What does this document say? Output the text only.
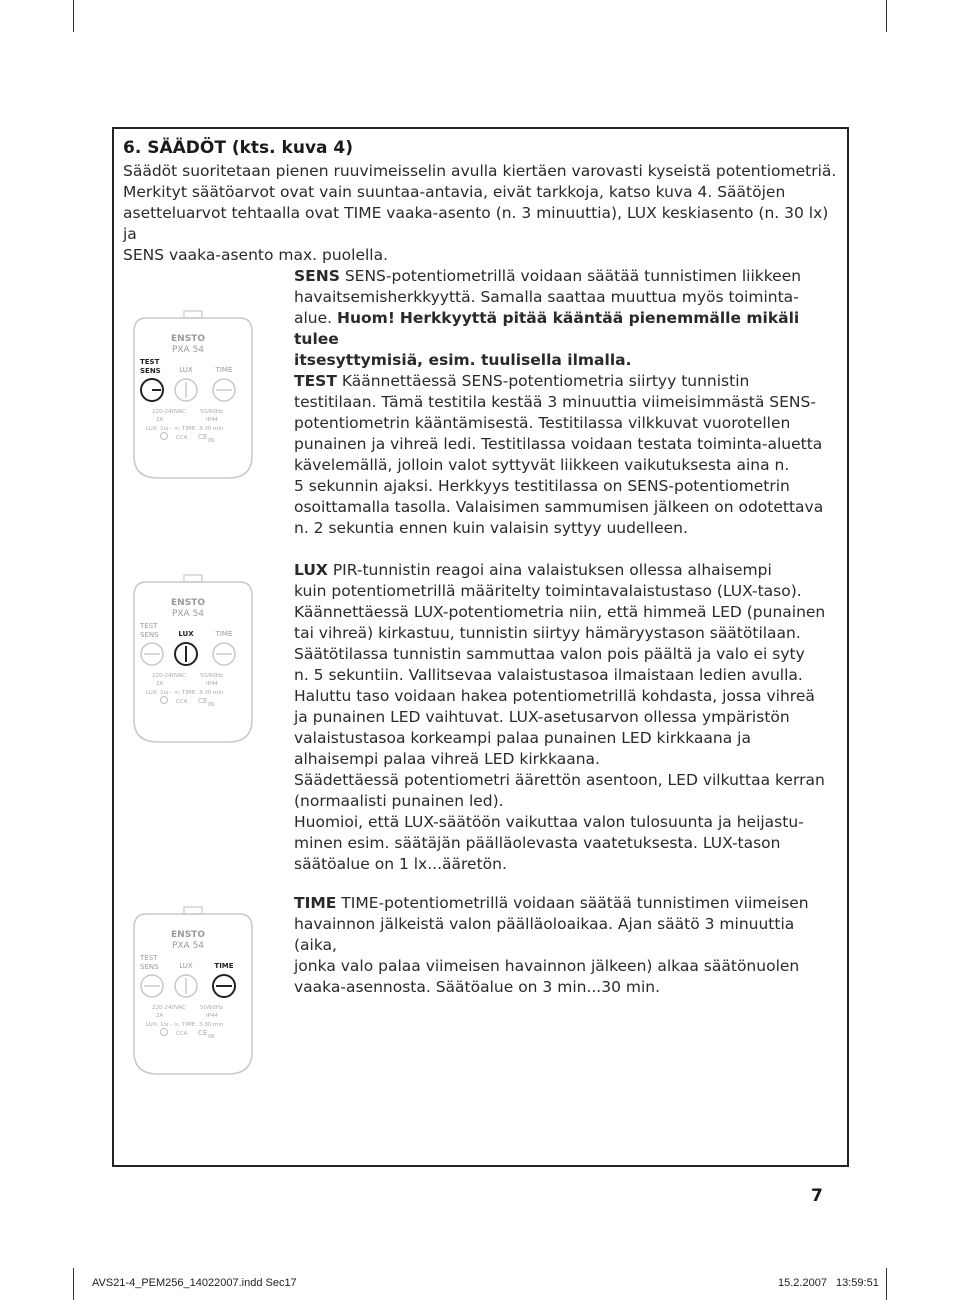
6. SÄÄDÖT (kts. kuva 4)

Säädöt suoritetaan pienen ruuvimeisselin avulla kiertäen varovasti kyseistä potentiometriä.
Merkityt säätöarvot ovat vain suuntaa-antavia, eivät tarkkoja, katso kuva 4. Säätöjen
asetteluarvot tehtaalla ovat TIME vaaka-asento (n. 3 minuuttia), LUX keskiasento (n. 30 lx) ja
SENS vaaka-asento max. puolella.

SENS SENS-potentiometrillä voidaan säätää tunnistimen liikkeen
havaitsemisherkkyyttä. Samalla saattaa muuttua myös toiminta-
alue. Huom! Herkkyyttä pitää kääntää pienemmälle mikäli tulee
itsesyttymisiä, esim. tuulisella ilmalla.

TEST Käännettäessä SENS-potentiometria siirtyy tunnistin
testitilaan. Tämä testitila kestää 3 minuuttia viimeisimmästä SENS-
potentiometrin kääntämisestä. Testitilassa vilkkuvat vuorotellen
punainen ja vihreä ledi. Testitilassa voidaan testata toiminta-aluetta
kävelemällä, jolloin valot syttyvät liikkeen vaikutuksesta aina n.
5 sekunnin ajaksi. Herkkyys testitilassa on SENS-potentiometrin
osoittamalla tasolla. Valaisimen sammumisen jälkeen on odotettava
n. 2 sekuntia ennen kuin valaisin syttyy uudelleen.

LUX PIR-tunnistin reagoi aina valaistuksen ollessa alhaisempi
kuin potentiometrillä määritelty toimintavalaistustaso (LUX-taso).
Käännettäessä LUX-potentiometria niin, että himmeä LED (punainen
tai vihreä) kirkastuu, tunnistin siirtyy hämäryystason säätötilaan.
Säätötilassa tunnistin sammuttaa valon pois päältä ja valo ei syty
n. 5 sekuntiin. Vallitsevaa valaistustasoa ilmaistaan ledien avulla.
Haluttu taso voidaan hakea potentiometrillä kohdasta, jossa vihreä
ja punainen LED vaihtuvat. LUX-asetusarvon ollessa ympäristön
valaistustasoa korkeampi palaa punainen LED kirkkaana ja
alhaisempi palaa vihreä LED kirkkaana.
Säädettäessä potentiometri äärettön asentoon, LED vilkuttaa kerran
(normaalisti punainen led).
Huomioi, että LUX-säätöön vaikuttaa valon tulosuunta ja heijastu-
minen esim. säätäjän päälläolevasta vaatetuksesta. LUX-tason
säätöalue on 1 lx...ääretön.

TIME TIME-potentiometrillä voidaan säätää tunnistimen viimeisen
havainnon jälkeistä valon päälläoloaikaa. Ajan säätö 3 minuuttia (aika,
jonka valo palaa viimeisen havainnon jälkeen) alkaa säätönuolen
vaaka-asennosta. Säätöalue on 3 min...30 min.

ENSTO
PXA 54
TEST
SENS	LUX	TIME
220-240VAC	50/60Hz
2A	IP44
LUX: 1lx - ∞, TIME: 3-30 min
CCA CE 06
ENSTO
PXA 54
TEST
SENS	LUX	TIME
220-240VAC	50/60Hz
2A	IP44
LUX: 1lx - ∞, TIME: 3-30 min
CCA CE 06
ENSTO
PXA 54
TEST
SENS	LUX	TIME
220-240VAC	50/60Hz
2A	IP44
LUX: 1lx - ∞, TIME: 3-30 min
CCA CE 06
7
AVS21-4_PEM256_14022007.indd Sec17	15.2.2007 13:59:51
